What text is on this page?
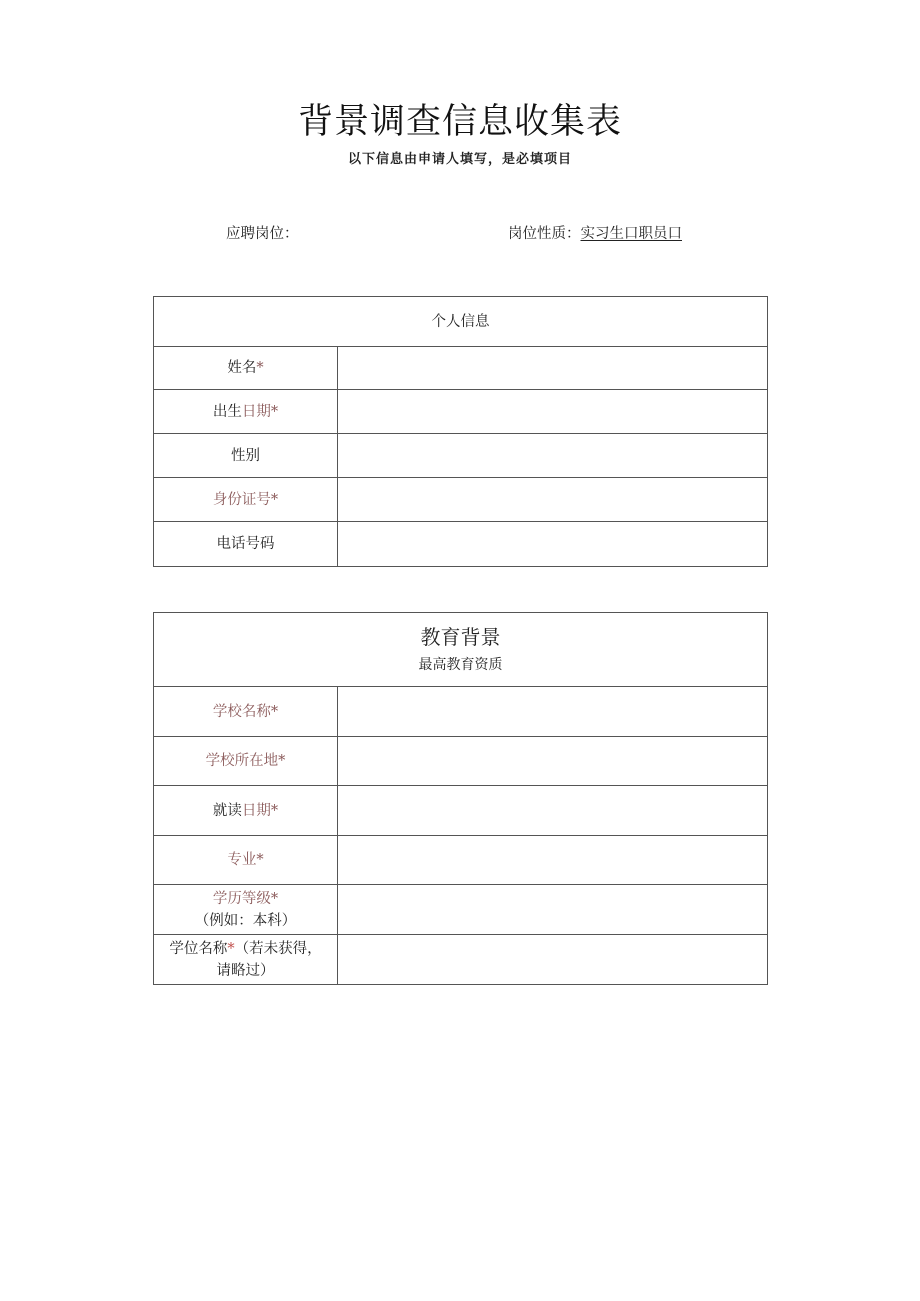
背景调查信息收集表
以下信息由申请人填写，是必填项目
应聘岗位：	岗位性质：实习生口职员口
个人信息	
姓名*	
出生日期*	
性别	
身份证号*	
电话号码	
教育背景
最高教育资质	

学校名称*	
学校所在地*	
就读日期*	
专业*	
学历等级*
（例如：本科）	
学位名称*（若未获得，
请略过）	
